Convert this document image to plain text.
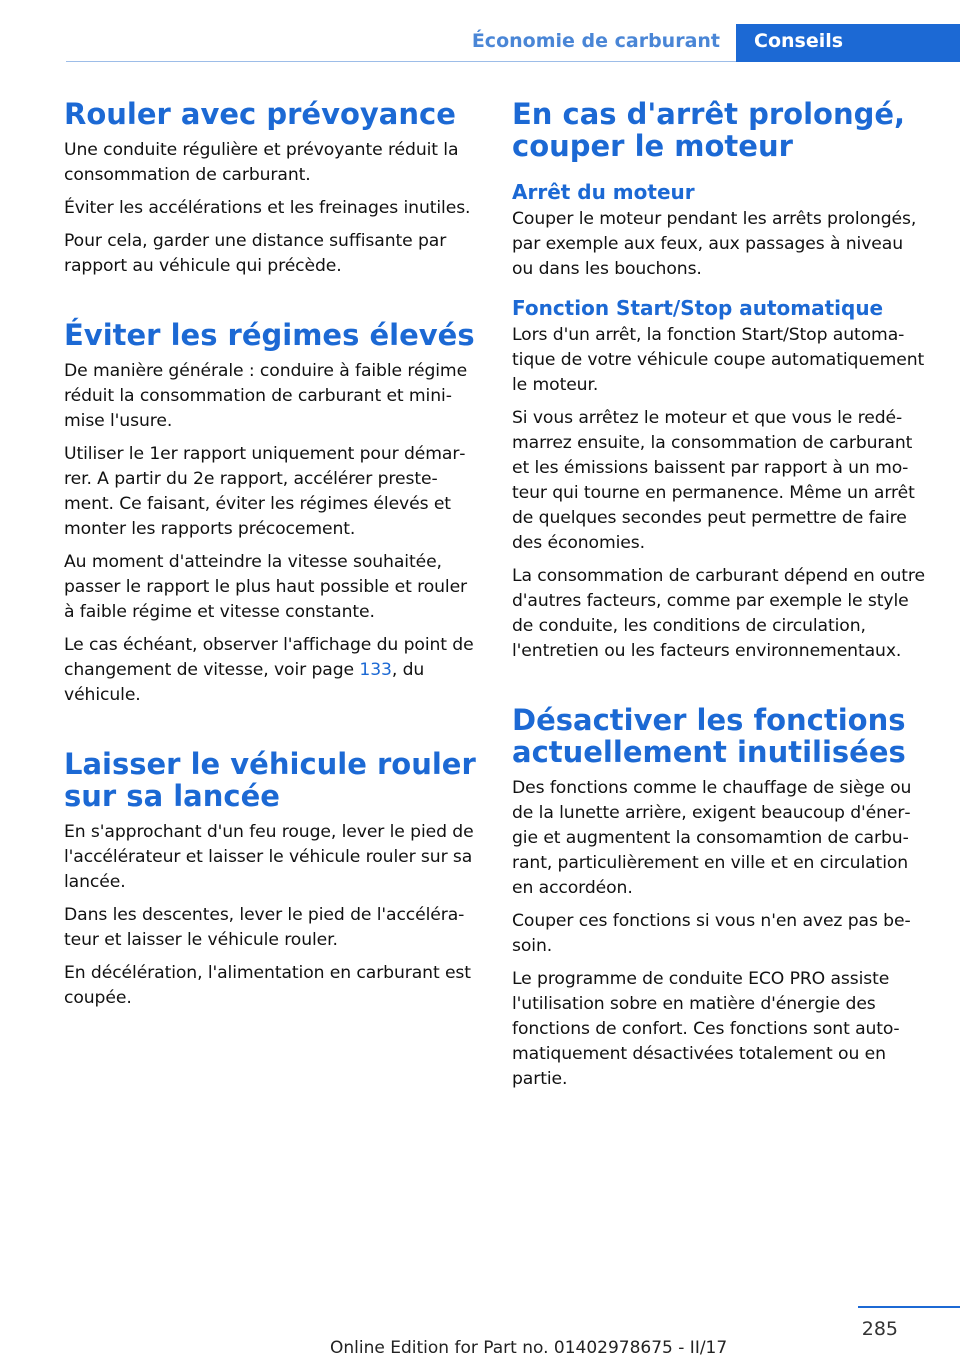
Économie de carburant	Conseils
Rouler avec prévoyance

Une conduite régulière et prévoyante réduit la consommation de carburant.

Éviter les accélérations et les freinages inutiles.

Pour cela, garder une distance suffisante par rapport au véhicule qui précède.

Éviter les régimes élevés

De manière générale : conduire à faible régime réduit la consommation de carburant et minimise l'usure.

Utiliser le 1er rapport uniquement pour démarrer. A partir du 2e rapport, accélérer prestement. Ce faisant, éviter les régimes élevés et monter les rapports précocement.

Au moment d'atteindre la vitesse souhaitée, passer le rapport le plus haut possible et rouler à faible régime et vitesse constante.

Le cas échéant, observer l'affichage du point de changement de vitesse, voir page 133, du véhicule.

Laisser le véhicule rouler sur sa lancée

En s'approchant d'un feu rouge, lever le pied de l'accélérateur et laisser le véhicule rouler sur sa lancée.

Dans les descentes, lever le pied de l'accélérateur et laisser le véhicule rouler.

En décélération, l'alimentation en carburant est coupée.

En cas d'arrêt prolongé, couper le moteur
Arrêt du moteur

Couper le moteur pendant les arrêts prolongés, par exemple aux feux, aux passages à niveau ou dans les bouchons.

Fonction Start/Stop automatique

Lors d'un arrêt, la fonction Start/Stop automatique de votre véhicule coupe automatiquement le moteur.

Si vous arrêtez le moteur et que vous le redémarrez ensuite, la consommation de carburant et les émissions baissent par rapport à un moteur qui tourne en permanence. Même un arrêt de quelques secondes peut permettre de faire des économies.

La consommation de carburant dépend en outre d'autres facteurs, comme par exemple le style de conduite, les conditions de circulation, l'entretien ou les facteurs environnementaux.

Désactiver les fonctions actuellement inutilisées

Des fonctions comme le chauffage de siège ou de la lunette arrière, exigent beaucoup d'énergie et augmentent la consomamtion de carburant, particulièrement en ville et en circulation en accordéon.

Couper ces fonctions si vous n'en avez pas besoin.

Le programme de conduite ECO PRO assiste l'utilisation sobre en matière d'énergie des fonctions de confort. Ces fonctions sont automatiquement désactivées totalement ou en partie.

285
Online Edition for Part no. 01402978675 - II/17
